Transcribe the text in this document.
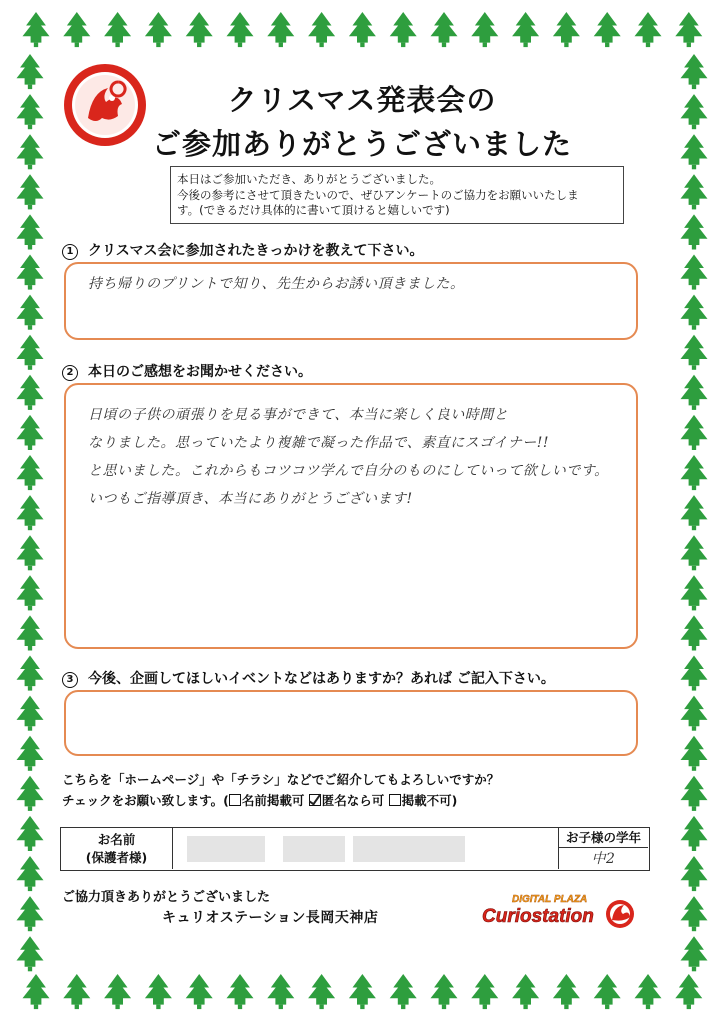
クリスマス発表会の
ご参加ありがとうございました
本日はご参加いただき、ありがとうございました。
今後の参考にさせて頂きたいので、ぜひアンケートのご協力をお願いいたしま
す。(できるだけ具体的に書いて頂けると嬉しいです)
1 クリスマス会に参加されたきっかけを教えて下さい。
持ち帰りのプリントで知り、先生からお誘い頂きました。
2 本日のご感想をお聞かせください。
日頃の子供の頑張りを見る事ができて、本当に楽しく良い時間と
なりました。思っていたより複雑で凝った作品で、素直にスゴイナー!!
と思いました。これからもコツコツ学んで自分のものにしていって欲しいです。
いつもご指導頂き、本当にありがとうございます!
3 今後、企画してほしいイベントなどはありますか？あれば ご記入下さい。
こちらを「ホームページ」や「チラシ」などでご紹介してもよろしいですか？
チェックをお願い致します。( 名前掲載可 匿名なら可 掲載不可)
お名前
(保護者様)
お子様の学年
中2
ご協力頂きありがとうございました
キュリオステーション長岡天神店
DIGITAL PLAZA
Curiostation
